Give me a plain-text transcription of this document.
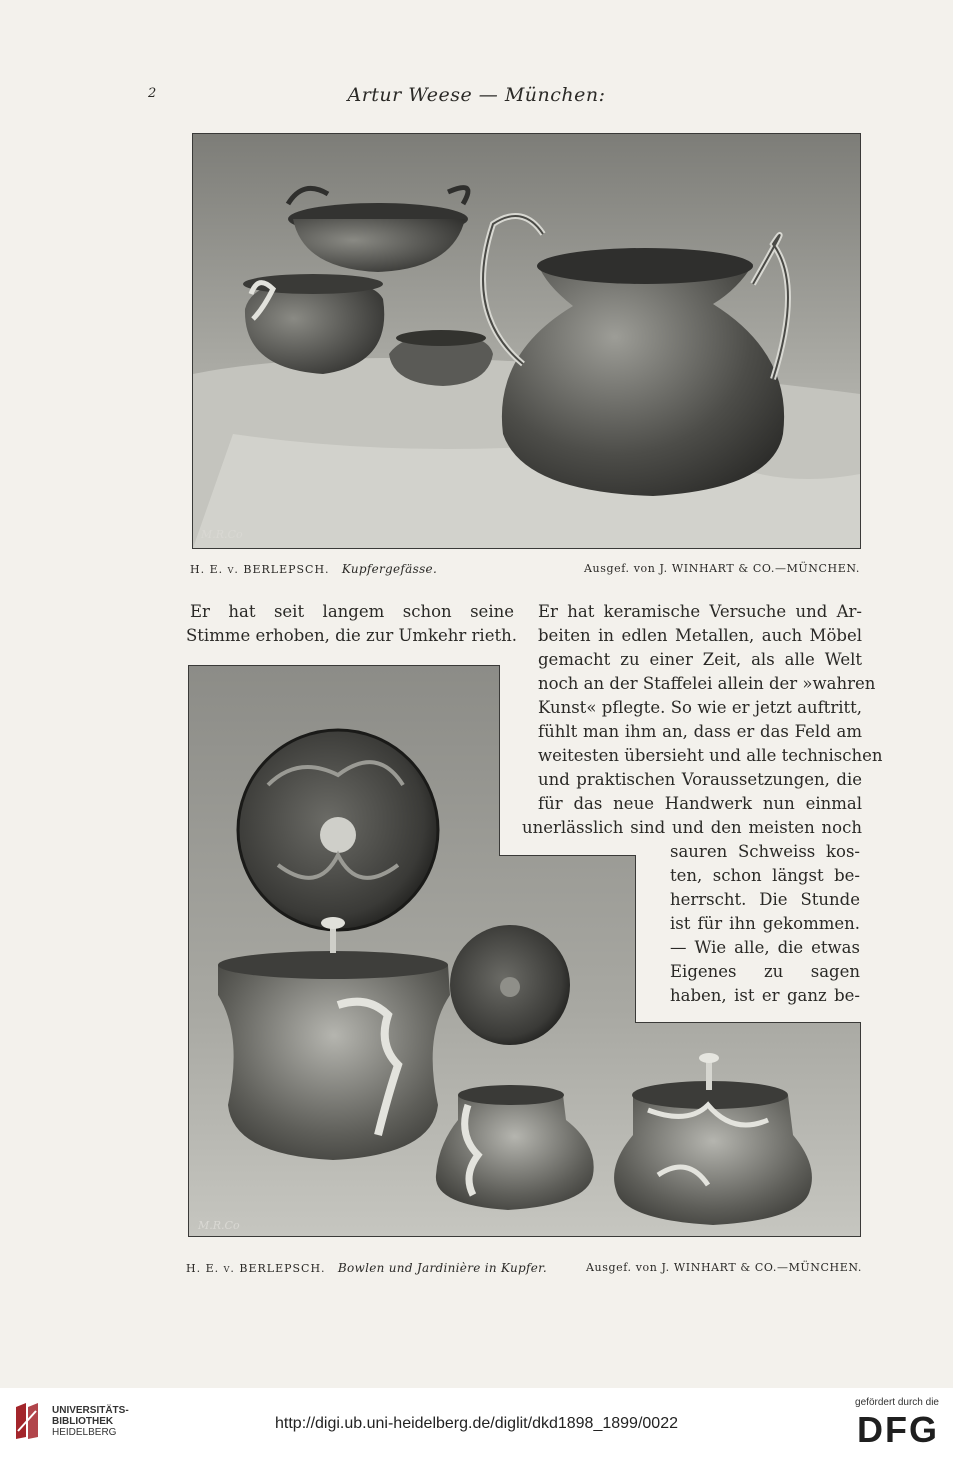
2	Artur Weese — München:
M.R.Co
H. E. v. BERLEPSCH. Kupfergefässe.	Ausgef. von J. WINHART & CO.—MÜNCHEN.
Er hat seit langem schon seine
Stimme erhoben, die zur Umkehr rieth.
Er hat keramische Versuche und Ar-
beiten in edlen Metallen, auch Möbel
gemacht zu einer Zeit, als alle Welt
noch an der Staffelei allein der »wahren
Kunst« pflegte. So wie er jetzt auftritt,
fühlt man ihm an, dass er das Feld am
weitesten übersieht und alle technischen
und praktischen Voraussetzungen, die
für das neue Handwerk nun einmal
unerlässlich sind und den meisten noch
sauren Schweiss kos-
ten, schon längst be-
herrscht. Die Stunde
ist für ihn gekommen.
— Wie alle, die etwas
Eigenes zu sagen
haben, ist er ganz be-
M.R.Co
H. E. v. BERLEPSCH. Bowlen und Jardinière in Kupfer.	Ausgef. von J. WINHART & CO.—MÜNCHEN.
UNIVERSITÄTS-
BIBLIOTHEK
HEIDELBERG
http://digi.ub.uni-heidelberg.de/diglit/dkd1898_1899/0022
gefördert durch die
DFG
